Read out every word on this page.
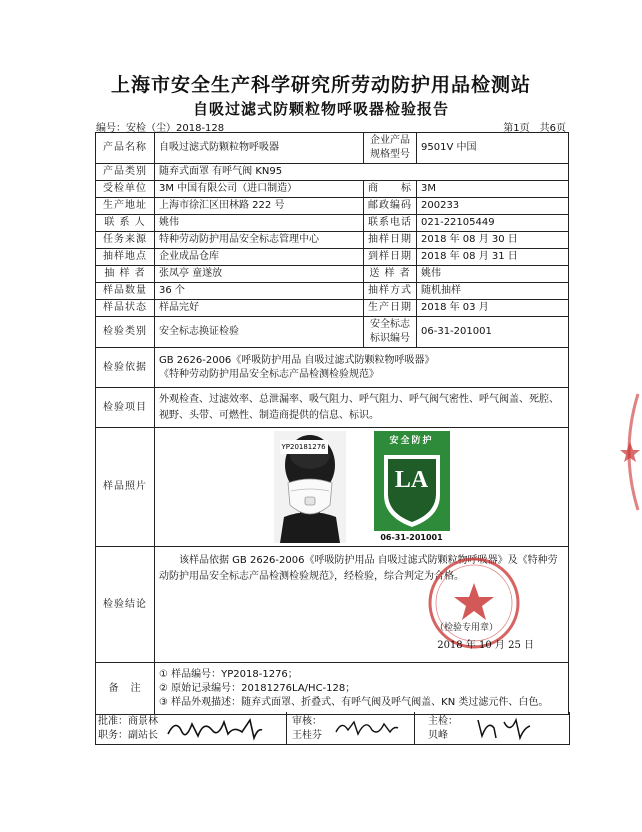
上海市安全生产科学研究所劳动防护用品检测站
自吸过滤式防颗粒物呼吸器检验报告
编号：安检（尘）2018-128	第1页　共6页
产品名称	自吸过滤式防颗粒物呼吸器	企业产品规格型号	9501V 中国
产品类别	随弃式面罩 有呼气阀 KN95		
受检单位	3M 中国有限公司（进口制造）	商　　标	3M
生产地址	上海市徐汇区田林路 222 号	邮政编码	200233
联 系 人	姚伟	联系电话	021-22105449
任务来源	特种劳动防护用品安全标志管理中心	抽样日期	2018 年 08 月 30 日
抽样地点	企业成品仓库	到样日期	2018 年 08 月 31 日
抽 样 者	张凤亭 童遂放	送 样 者	姚伟
样品数量	36 个	抽样方式	随机抽样
样品状态	样品完好	生产日期	2018 年 03 月
检验类别	安全标志换证检验	安全标志标识编号	06-31-201001
检验依据	GB 2626-2006《呼吸防护用品 自吸过滤式防颗粒物呼吸器》
《特种劳动防护用品安全标志产品检测检验规范》		

检验项目	外观检查、过滤效率、总泄漏率、吸气阻力、呼气阻力、呼气阀气密性、呼气阀盖、死腔、视野、头带、可燃性、制造商提供的信息、标识。		
样品照片	YP20181276
安全防护
LA
06-31-201001		

检验结论	该样品依据 GB 2626-2006《呼吸防护用品 自吸过滤式防颗粒物呼吸器》及《特种劳动防护用品安全标志产品检测检验规范》，经检验，综合判定为合格。
（检验专用章）
2018 年 10 月 25 日		

备　注	① 样品编号：YP2018-1276；
② 原始记录编号：20181276LA/HC-128；
③ 样品外观描述：随弃式面罩、折叠式、有呼气阀及呼气阀盖、KN 类过滤元件、白色。		
批准：商景林
职务：副站长
审核：
王桂芬
主检：
贝峰
